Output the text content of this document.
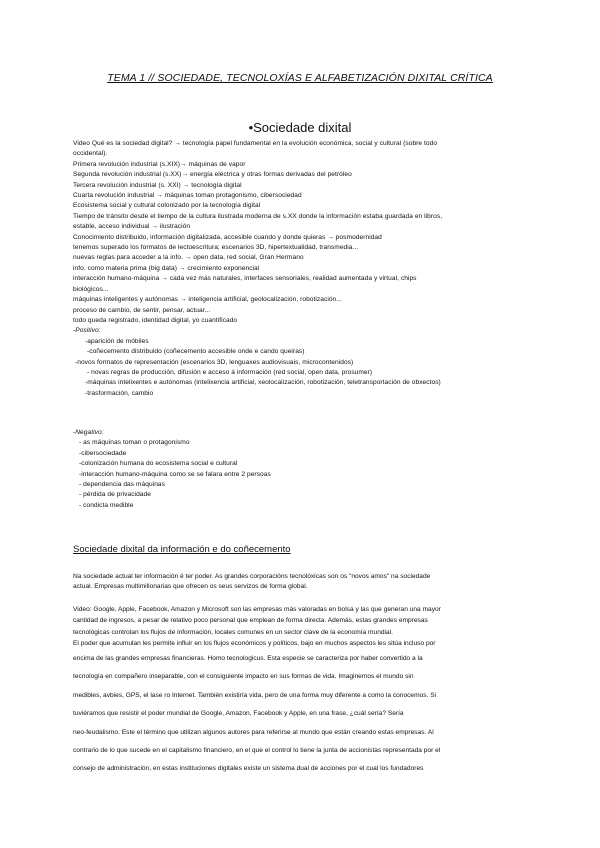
TEMA 1 // SOCIEDADE, TECNOLOXÍAS E ALFABETIZACIÓN DIXITAL CRÍTICA
•Sociedade dixital

Video Qué es la sociedad digital? → tecnología papel fundamental en la evolución económica, social y cultural (sobre todo

occidental).

Primera revolución industrial (s.XIX)→ máquinas de vapor

Segunda revolución industrial (s.XX)→ energía eléctrica y otras formas derivadas del petróleo

Tercera revolución industrial (s. XXI) → tecnología digital

Cuarta revolución industrial → máquinas toman protagonismo, cibersociedad

Ecosistema social y cultural colonizado por la tecnología digital

Tiempo de tránsito desde el tiempo de la cultura ilustrada moderna de s.XX donde la información estaba guardada en libros,

estable, acceso individual → ilustración

Conocimiento distribuido, información digitalizada, accesible cuando y donde quieras → posmodernidad

tenemos superado los formatos de lectoescritura; escenarios 3D, hipertextualidad, transmedia...

nuevas reglas para acceder a la info. → open data, red social, Gran Hermano

info. como materia prima (big data) → crecimiento exponencial

interacción humano-máquina → cada vez más naturales, interfaces sensoriales, realidad aumentada y virtual, chips

biológicos...

máquinas inteligentes y autónomas → inteligencia artificial, geolocalización, robotización...

proceso de cambio, de sentir, pensar, actuar...

todo queda registrado, identidad digital, yo cuantificado

-Positivo:

-aparición de móbiles

-coñecemento distribuido (coñecemento accesible onde e cando queiras)

-novos formatos de representación (escenarios 3D, lenguaxes audiovisuais, microcontenidos)

- novas regras de producción, difusión e acceso á información (red social, open data, prosumer)

-máquinas intelixentes e autónomas (intelixencia artificial, xeolocalización, robotización, teletransportación de obxectos)

-trasformación, cambio

-Negativo:

- as máquinas toman o protagonismo

-cibersociedade

-colonización humana do ecosistema social e cultural

-interacción humano-máquina como se se falara entre 2 persoas

- dependencia das máquinas

- pérdida de privacidade

- condicta medible

Sociedade dixital da información e do coñecemento

Na sociedade actual ter información é ter poder. As grandes corporacións tecnolóxicas son os "novos amos" na sociedade

actual. Empresas multimillonarias que ofrecen os seus servizos de forma global.

Video: Google, Apple, Facebook, Amazon y Microsoft son las empresas más valoradas en bolsa y las que generan una mayor

cantidad de ingresos, a pesar de relativo poco personal que emplean de forma directa. Además, estas grandes empresas

tecnológicas controlan los flujos de información, locales comunes en un sector clave de la economía mundial.

El poder que acumulan les permite influir en los flujos económicos y políticos, bajo en muchos aspectos les sitúa incluso por

encima de las grandes empresas financieras. Homo tecnologicus. Esta especie se caracteriza por haber convertido a la

tecnología en compañero inseparable, con el consiguiente impacto en sus formas de vida. Imaginemos el mundo sin

medibles, avbies, GPS, el lase ro Internet. También existiría vida, pero de una forma muy diferente a como la conocemos. Si

tuviéramos que resistir el poder mundial de Google, Amazon, Facebook y Apple, en una frase, ¿cuál sería? Sería

neo-feudalismo. Este el término que utilizan algunos autores para referirse al mundo que están creando estas empresas. Al

contrario de lo que sucede en el capitalismo financiero, en el que el control lo tiene la junta de accionistas representada por el

consejo de administración, en estas instituciones digitales existe un sistema dual de acciones por el cual los fundadores
